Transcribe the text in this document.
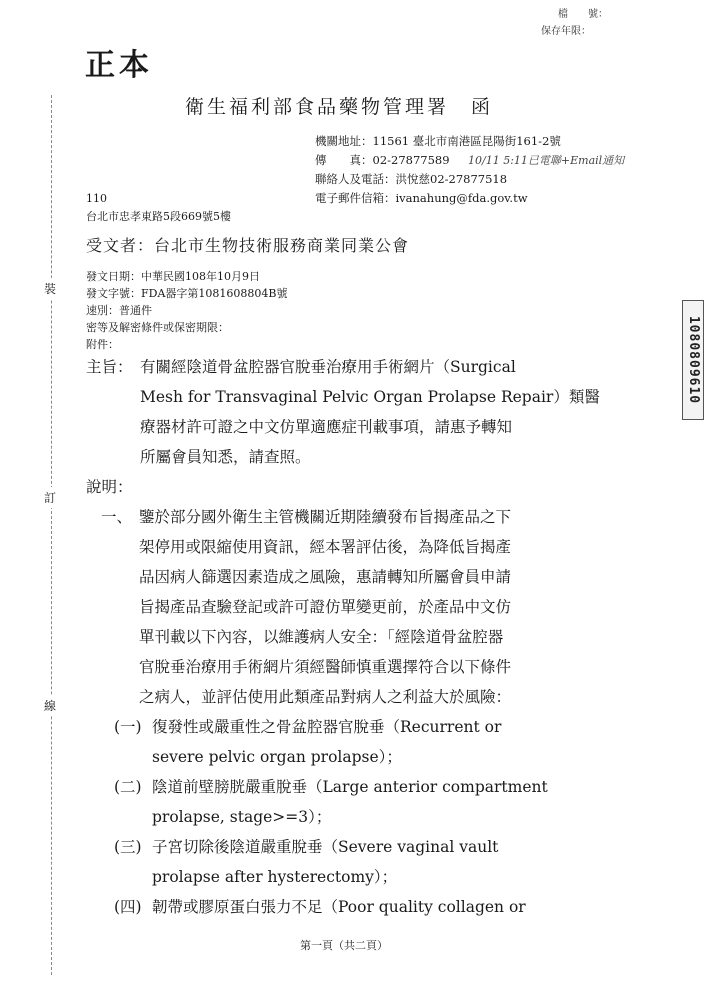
裝
訂
線
檔　　號：
保存年限：
正本
衛生福利部食品藥物管理署　函
機關地址：11561 臺北市南港區昆陽街161-2號
傳　　真：02-27877589 10/11 5:11已電聯+Email通知
聯絡人及電話：洪悅慈02-27877518
電子郵件信箱：ivanahung@fda.gov.tw
110
台北市忠孝東路5段669號5樓
受文者：台北市生物技術服務商業同業公會
發文日期：中華民國108年10月9日
發文字號：FDA器字第1081608804B號
速別：普通件
密等及解密條件或保密期限：
附件：	1080809610
主旨： 有關經陰道骨盆腔器官脫垂治療用手術網片（Surgical
Mesh for Transvaginal Pelvic Organ Prolapse Repair）類醫
療器材許可證之中文仿單適應症刊載事項，請惠予轉知
所屬會員知悉，請查照。
說明：
一、 鑒於部分國外衛生主管機關近期陸續發布旨揭產品之下
架停用或限縮使用資訊，經本署評估後，為降低旨揭產
品因病人篩選因素造成之風險，惠請轉知所屬會員申請
旨揭產品查驗登記或許可證仿單變更前，於產品中文仿
單刊載以下內容，以維護病人安全：「經陰道骨盆腔器
官脫垂治療用手術網片須經醫師慎重選擇符合以下條件
之病人，並評估使用此類產品對病人之利益大於風險：
(一) 復發性或嚴重性之骨盆腔器官脫垂（Recurrent or
severe pelvic organ prolapse）；
(二) 陰道前壁膀胱嚴重脫垂（Large anterior compartment
prolapse, stage>=3）；
(三) 子宮切除後陰道嚴重脫垂（Severe vaginal vault
prolapse after hysterectomy）；
(四) 韌帶或膠原蛋白張力不足（Poor quality collagen or
第一頁（共二頁）
